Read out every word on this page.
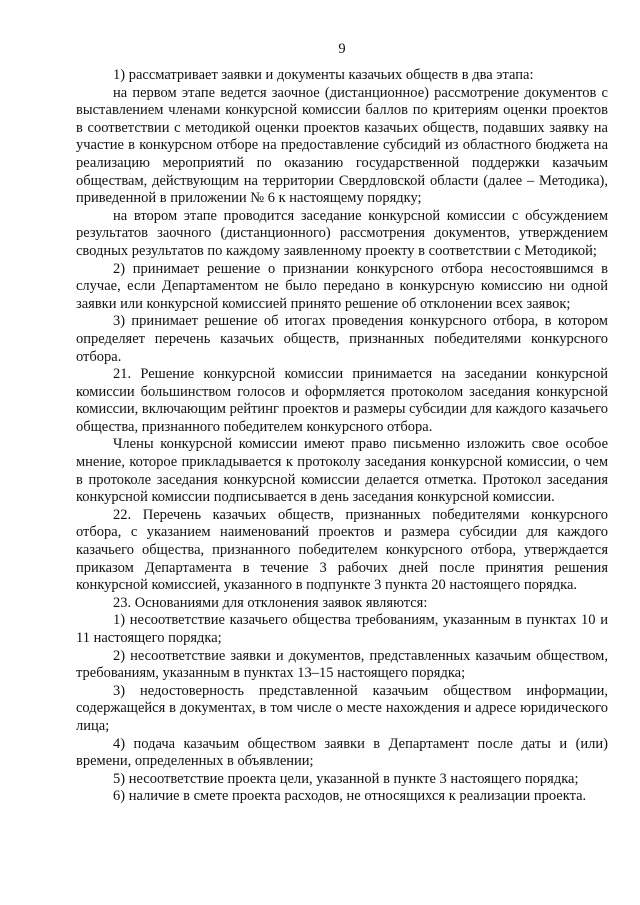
9

1) рассматривает заявки и документы казачьих обществ в два этапа:

на первом этапе ведется заочное (дистанционное) рассмотрение документов с выставлением членами конкурсной комиссии баллов по критериям оценки проектов в соответствии с методикой оценки проектов казачьих обществ, подавших заявку на участие в конкурсном отборе на предоставление субсидий из областного бюджета на реализацию мероприятий по оказанию государственной поддержки казачьим обществам, действующим на территории Свердловской области (далее – Методика), приведенной в приложении № 6 к настоящему порядку;

на втором этапе проводится заседание конкурсной комиссии с обсуждением результатов заочного (дистанционного) рассмотрения документов, утверждением сводных результатов по каждому заявленному проекту в соответствии с Методикой;

2) принимает решение о признании конкурсного отбора несостоявшимся в случае, если Департаментом не было передано в конкурсную комиссию ни одной заявки или конкурсной комиссией принято решение об отклонении всех заявок;

3) принимает решение об итогах проведения конкурсного отбора, в котором определяет перечень казачьих обществ, признанных победителями конкурсного отбора.

21. Решение конкурсной комиссии принимается на заседании конкурсной комиссии большинством голосов и оформляется протоколом заседания конкурсной комиссии, включающим рейтинг проектов и размеры субсидии для каждого казачьего общества, признанного победителем конкурсного отбора.

Члены конкурсной комиссии имеют право письменно изложить свое особое мнение, которое прикладывается к протоколу заседания конкурсной комиссии, о чем в протоколе заседания конкурсной комиссии делается отметка. Протокол заседания конкурсной комиссии подписывается в день заседания конкурсной комиссии.

22. Перечень казачьих обществ, признанных победителями конкурсного отбора, с указанием наименований проектов и размера субсидии для каждого казачьего общества, признанного победителем конкурсного отбора, утверждается приказом Департамента в течение 3 рабочих дней после принятия решения конкурсной комиссией, указанного в подпункте 3 пункта 20 настоящего порядка.

23. Основаниями для отклонения заявок являются:

1) несоответствие казачьего общества требованиям, указанным в пунктах 10 и 11 настоящего порядка;

2) несоответствие заявки и документов, представленных казачьим обществом, требованиям, указанным в пунктах 13–15 настоящего порядка;

3) недостоверность представленной казачьим обществом информации, содержащейся в документах, в том числе о месте нахождения и адресе юридического лица;

4) подача казачьим обществом заявки в Департамент после даты и (или) времени, определенных в объявлении;

5) несоответствие проекта цели, указанной в пункте 3 настоящего порядка;

6) наличие в смете проекта расходов, не относящихся к реализации проекта.
